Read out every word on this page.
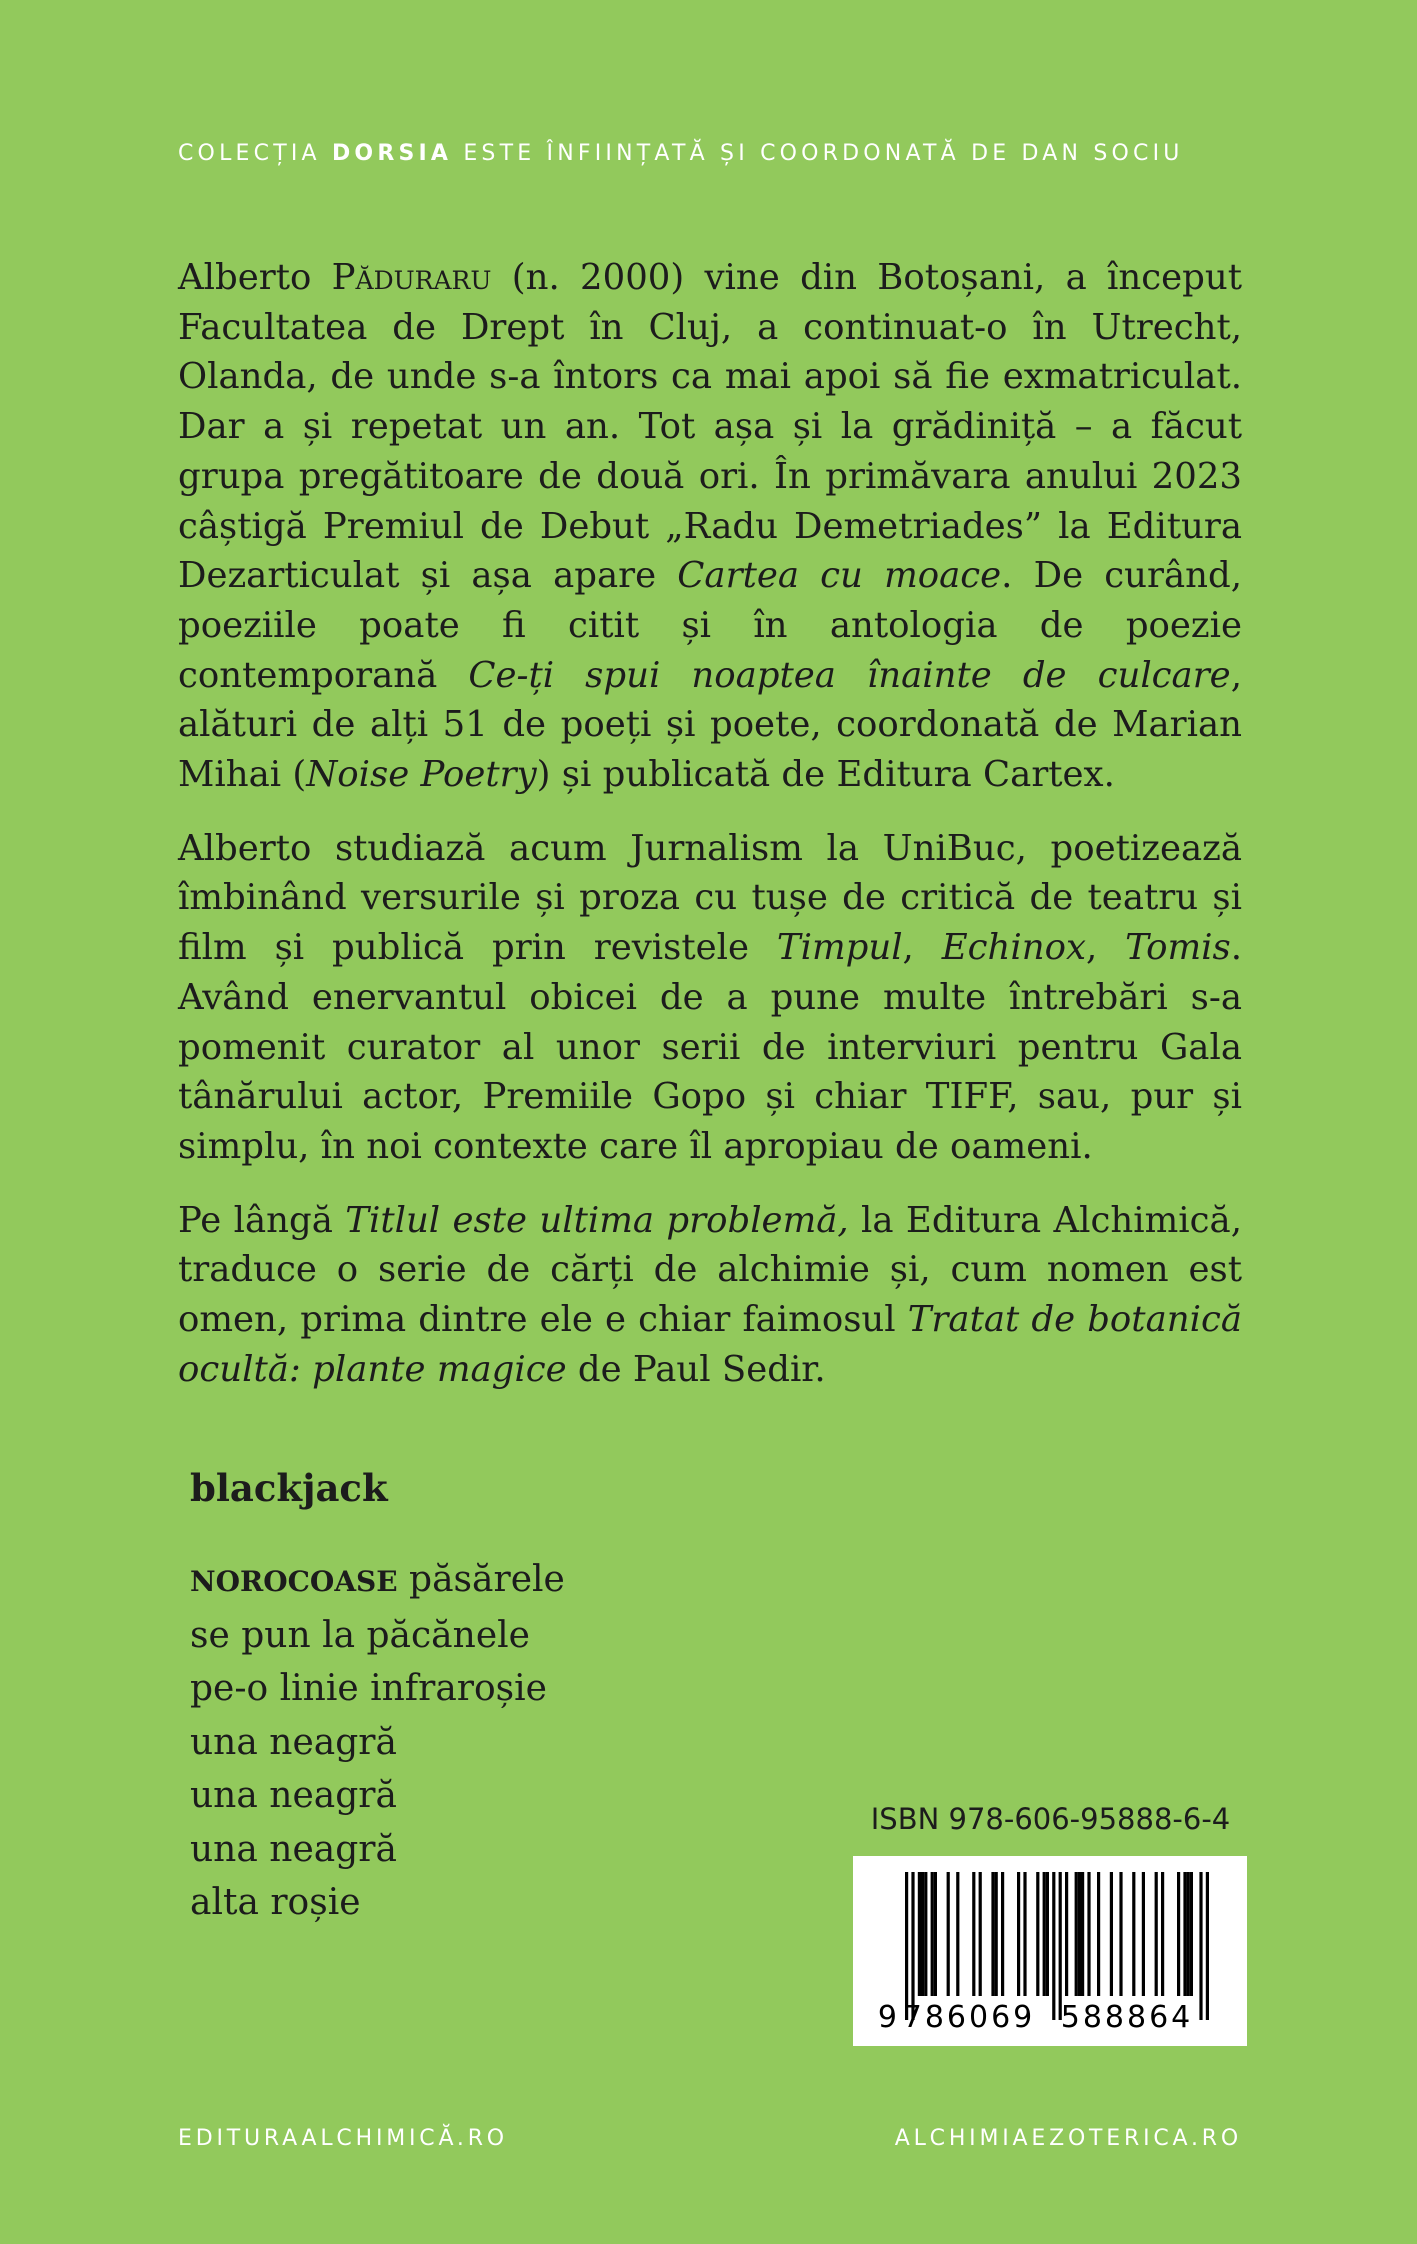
COLECȚIA DORSIA ESTE ÎNFIINȚATĂ ȘI COORDONATĂ DE DAN SOCIU

Alberto Păduraru (n. 2000) vine din Botoșani, a început Facultatea de Drept în Cluj, a continuat-o în Utrecht, Olanda, de unde s-a întors ca mai apoi să fie exmatriculat. Dar a și repetat un an. Tot așa și la grădiniță – a făcut grupa pregătitoare de două ori. În primăvara anului 2023 câștigă Premiul de Debut „Radu Demetriades” la Editura Dezarticulat și așa apare Cartea cu moace. De curând, poeziile poate fi citit și în antologia de poezie contemporană Ce-ți spui noaptea înainte de culcare, alături de alți 51 de poeți și poete, coordonată de Marian Mihai (Noise Poetry) și publicată de Editura Cartex.

Alberto studiază acum Jurnalism la UniBuc, poetizează îmbinând versurile și proza cu tușe de critică de teatru și film și publică prin revistele Timpul, Echinox, Tomis. Având enervantul obicei de a pune multe întrebări s-a pomenit curator al unor serii de interviuri pentru Gala tânărului actor, Premiile Gopo și chiar TIFF, sau, pur și simplu, în noi contexte care îl apropiau de oameni.

Pe lângă Titlul este ultima problemă, la Editura Alchimică, traduce o serie de cărți de alchimie și, cum nomen est omen, prima dintre ele e chiar faimosul Tratat de botanică ocultă: plante magice de Paul Sedir.

blackjack
NOROCOASE păsărele
se pun la păcănele
pe-o linie infraroșie
una neagră
una neagră
una neagră
alta roșie
ISBN 978-606-95888-6-4
9 786069 588864
EDITURAALCHIMICĂ.RO	ALCHIMIAEZOTERICA.RO
